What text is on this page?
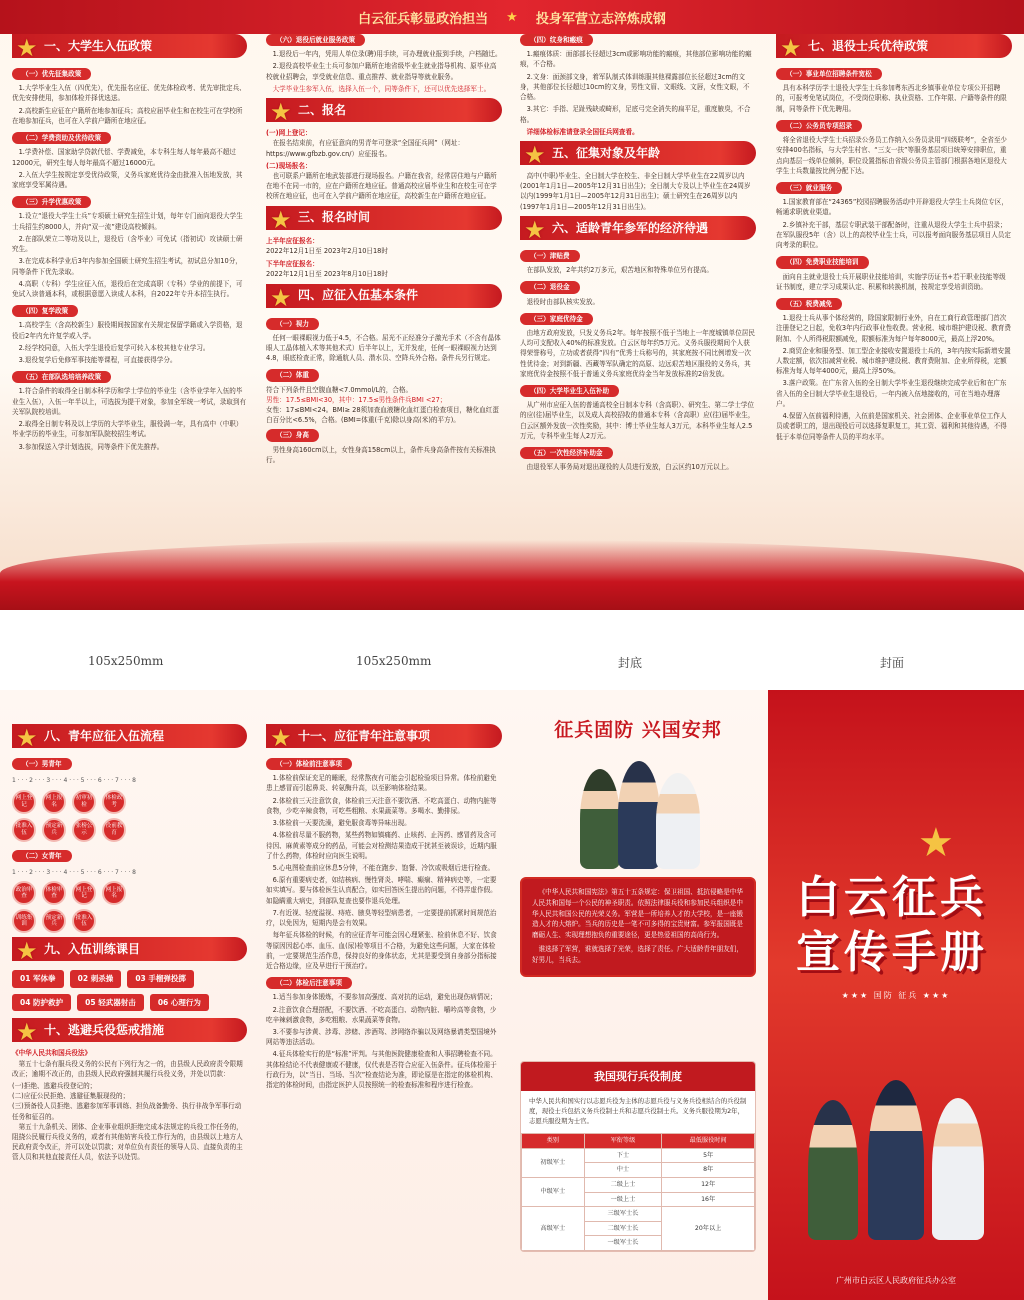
白云征兵彰显政治担当 ★ 投身军营立志淬炼成钢
★ 一、大学生入伍政策
（一）优先征集政策
1.大学毕业生入伍（四优先），优先报名应征、优先体检政考、优先审批定兵、优先安排使用，参加体检并择优选送。
2.高校新生应征在户籍所在地参加征兵；高校应届毕业生和在校生可在学校所在地参加征兵，也可在入学前户籍所在地应征。
（二）学费资助及优待政策
1.学费补偿、国家助学贷款代偿、学费减免，本专科生每人每年最高不超过12000元，研究生每人每年最高不超过16000元。
2.入伍大学生按规定享受优待政策，义务兵家庭优待金由批准入伍地发放，其家庭享受军属待遇。
（三）升学优惠政策
1.设立“退役大学生士兵”专项硕士研究生招生计划，每年专门面向退役大学生士兵招生约8000人，并向“双一流”建设高校倾斜。
2.在部队荣立二等功及以上，退役后（含毕业）可免试（指初试）攻读硕士研究生。
3.在完成本科学业后3年内参加全国硕士研究生招生考试，初试总分加10分，同等条件下优先录取。
4.高职（专科）学生应征入伍，退役后在完成高职（专科）学业的前提下，可免试入读普通本科，或根据意愿入读成人本科，自2022年专升本招生执行。
（四）复学政策
1.高校学生（含高校新生）服役期间按国家有关规定保留学籍或入学资格，退役后2年内允许复学或入学。
2.经学校同意，入伍大学生退役后复学可转入本校其他专业学习。
3.退役复学后免修军事技能等课程，可直接获得学分。
（五）在部队选培培养政策
1.符合条件的取得全日制本科学历和学士学位的毕业生（含毕业学年入伍的毕业生入伍），入伍一年半以上，可选拔为提干对象，参加全军统一考试，录取到有关军队院校培训。
2.取得全日制专科及以上学历的大学毕业生，服役满一年，具有高中（中职）毕业学历的毕业生，可参加军队院校招生考试。
3.参加保送入学计划选拔，同等条件下优先推荐。
（六）退役后就业服务政策
1.退役后一年内，凭用人单位录(聘)用手续，可办理就业报到手续，户档随迁。
2.退役高校毕业生士兵可参加户籍所在地省级毕业生就业指导机构、原毕业高校就业招聘会，享受就业信息、重点推荐、就业指导等就业服务。
大学毕业生参军入伍，选择入伍一个，同等条件下，还可以优先选择军士。
★ 二、报名
(一)网上登记：
在报名结束前，有应征意向的男青年可登录“全国征兵网”（网址：https://www.gfbzb.gov.cn/）应征报名。
(二)现场报名：
也可联系户籍所在地武装部进行现场报名。户籍在我省，经常居住地与户籍所在地不在同一市的，应在户籍所在地应征。普通高校应届毕业生和在校生可在学校所在地应征，也可在入学前户籍所在地应征，高校新生在户籍所在地应征。
★ 三、报名时间
上半年应征报名：
2022年12月1日至 2023年2月10日18时
下半年应征报名：
2022年12月1日至 2023年8月10日18时
★ 四、应征入伍基本条件
（一）视力
任何一眼裸眼视力低于4.5，不合格。屈光不正经准分子激光手术（不含有晶体眼人工晶体植入术等其他术式）后半年以上，无并发症，任何一眼裸眼视力达到4.8，眼底检查正常，除通航人员、潜水员、空降兵外合格。条件兵另行规定。
（二）体重
符合下列条件且空腹血糖<7.0mmol/L的，合格。
男性：17.5≤BMI<30，其中：17.5≤男性条件兵BMI <27；
女性：17≤BMI<24。BMI≥ 28须加查血液糖化血红蛋白检查项目，糖化血红蛋白百分比<6.5%，合格。(BMI=体重(千克)除以身高(米)的平方)。
（三）身高
男性身高160cm以上，女性身高158cm以上，条件兵身高条件按有关标准执行。
（四）纹身和瘢痕
1.瘢痕体质：面部部长径超过3cm或影响功能的瘢痕，其他部位影响功能的瘢痕，不合格。
2.文身：面颈部文身，着军队制式体训练服其他裸露部位长径超过3cm的文身，其他部位长径超过10cm的文身，男性文眉、文眼线、文唇，女性文眼，不合格。
3.其它：手指、足趾残缺或畸形，足底弓完全消失的扁平足，重度腋臭，不合格。
详细体检标准请登录全国征兵网查看。
★ 五、征集对象及年龄
高中(中职)毕业生、全日制大学在校生、非全日制大学毕业生在22周岁以内(2001年1月1日—2005年12月31日出生)；全日制大专及以上毕业生在24周岁以内(1999年1月1日—2005年12月31日出生)；硕士研究生在26周岁以内(1997年1月1日—2005年12月31日出生)。
★ 六、适龄青年参军的经济待遇
（一）津贴费
在部队发放，2年共约2万多元，艰苦地区和特殊单位另有提高。
（二）退役金
退役时由部队核实发放。
（三）家庭优待金
由地方政府发放，只发义务兵2年。每年按照不低于当地上一年度城镇单位居民人均可支配收入40%的标准发放。白云区每年约5万元。义务兵服役期间个人获得荣誉称号，立功或者获得“四有”优秀士兵称号的，其家庭按不同比例增发一次性优待金；对到新疆、西藏等军队确定的高原、边远艰苦地区服役的义务兵，其家庭优待金按照不低于普通义务兵家庭优待金当年发放标准的2倍发放。
（四）大学毕业生入伍补助
从广州市应征入伍的普通高校全日制本专科（含高职）、研究生、第二学士学位的应(往)届毕业生，以及成人高校招收的普通本专科（含高职）应(往)届毕业生，白云区额外发放一次性奖励，其中：博士毕业生每人3万元，本科毕业生每人2.5万元，专科毕业生每人2万元。
（五）一次性经济补助金
由退役军人事务局对退出现役的人员进行发放，白云区约10万元以上。
★ 七、退役士兵优待政策
（一）事业单位招聘条件宽松
具有本科学历学士退役大学生士兵参加粤东西北乡镇事业单位专项公开招聘的，可报考免笔试岗位，不受岗位职称、执业资格、工作年限、户籍等条件的限制，同等条件下优先聘用。
（二）公务员专项招录
将全省退役大学生士兵招录公务员工作纳入公务员录用“四级联考”，全省至少安排400名指标，与大学生村官、“三支一扶”等服务基层项目统筹安排职位，重点向基层一线单位倾斜，职位设置指标由省级公务员主管部门根据各地区退役大学生士兵数量按比例分配下达。
（三）就业服务
1.国家教育部在“24365”校园招聘服务活动中开辟退役大学生士兵岗位专区，畅通求职就业渠道。
2.乡镇补充干部，基层专职武装干部配备时，注重从退役大学生士兵中招录；在军队服役5年（含）以上的高校毕业生士兵，可以报考面向服务基层项目人员定向考录的职位。
（四）免费职业技能培训
面向自主就业退役士兵开展职业技能培训，实施学历证书+若干职业技能等级证书制度，建立学习成果认定、积累和转换机制，按规定享受培训资助。
（五）税费减免
1.退役士兵从事个体经营的，除国家限制行业外，自在工商行政管理部门首次注册登记之日起，免收3年内行政事业性收费。营业税、城市维护建设税、教育费附加、个人所得税限额减免，限额标准为每户每年8000元，最高上浮20%。
2.商贸企业和服务型、加工型企业接收安置退役士兵的，3年内按实际新增安置人数定额，依次扣减营业税、城市维护建设税、教育费附加、企业所得税，定额标准为每人每年4000元，最高上浮50%。
3.落户政策。在广东省入伍的全日制大学毕业生退役继续完成学业后和在广东省入伍的全日制大学毕业生退役后，一年内被入伍地接收的，可在当地办理落户。
4.保留入伍前福利待遇，入伍前是国家机关、社会团体、企业事业单位工作人员或者职工的，退出现役后可以选择复职复工，其工资、福利和其他待遇，不得低于本单位同等条件人员的平均水平。
105x250mm	105x250mm	封底	封面
★ 八、青年应征入伍流程
（一）男青年
1 · · · 2 · · · 3 · · · 4 · · · 5 · · · 6 · · · 7 · · · 8
网上登记
网上报名
初审初检
体检政考
批准入伍
预定新兵
张榜公示
役前教育
（二）女青年
1 · · · 2 · · · 3 · · · 4 · · · 5 · · · 6 · · · 7 · · · 8
政治审查
体检审查
网上登记
网上报名
训练集训
预定新兵
批准入伍
★ 九、入伍训练课目
01 军体拳	02 刺杀操	03 手榴弹投掷 04 防护救护	05 轻武器射击	06 心理行为
★ 十、逃避兵役惩戒措施
《中华人民共和国兵役法》
第五十七条有服兵役义务的公民有下列行为之一的，由县级人民政府责令限期改正；逾期不改正的，由县级人民政府强制其履行兵役义务，并处以罚款：
(一)拒绝、逃避兵役登记的；
(二)应征公民拒绝、逃避征集服现役的；
(三)预备役人员拒绝、逃避参加军事训练、担负战备勤务、执行非战争军事行动任务和征召的。
第五十九条机关、团体、企业事业组织拒绝完成本法规定的兵役工作任务的，阻挠公民履行兵役义务的，或者有其他妨害兵役工作行为的，由县级以上地方人民政府责令改正，并可以处以罚款；对单位负有责任的领导人员、直接负责的主管人员和其他直接责任人员，依法予以处罚。
★ 十一、应征青年注意事项
（一）体检前注意事项
1.体检前保证充足的睡眠，经常熬夜有可能会引起检验项目异常。体检前避免患上感冒而引起鼻炎、转氨酶升高，以至影响体检结果。
2.体检前三天注意饮食，体检前三天注意不要饮酒、不吃高蛋白、动物内脏等食物，少吃辛辣食物，可吃些粗粮、水果蔬菜等。多喝水、勤排尿。
3.体检前一天要洗澡，避免服食毒等异味出现。
4.体检前尽量不服药物，某些药物如镇痛药、止咳药、止泻药、感冒药及含可待因、麻黄素等成分的药品，可能会对检测结果造成干扰甚至被误诊，近期内服了什么药物，体检时应向医生说明。
5.心电图检查前应休息5分钟，不能在跑步、饱餐、冷饮或吸烟后进行检查。
6.原有重要病史者，如结核病、慢性肾炎、哮喘、癫痫、精神病史等，一定要如实填写。要与体检医生认真配合，如实回答医生提出的问题，不得弄虚作假。如隐瞒重大病史，到部队复查也要作退兵处理。
7.有近视、轻度溢视、痔疮、腋臭等轻型病患者，一定要提前抓紧时间规范治疗，以免因为，短期内是会有效果。
每年征兵体检的时候，有的应征青年可能会因心理紧张、检前休息不好、饮食等原因因起心率、血压、血(尿)检等项目不合格，为避免这些问题，大家在体检前，一定要规范生活作息，保持良好的身体状态，尤其是要受到自身部分指标接近合格边缘，应及早进行干预治疗。
（二）体检后注意事项
1.适当参加身体锻炼，不要参加高强度、高对抗的运动，避免出现伤病情况；
2.注意饮食合理搭配，不要饮酒、不吃高蛋白、动物内脏、嚼吟高等食物，少吃辛辣刺激食物，多吃粗粮、水果蔬菜等食物。
3.不要参与涉黄、涉毒、涉赌、涉酒驾、涉网络诈骗以及网络暴请类型国境外网站等违法活动。
4.征兵体检实行的是“标准”评判。与其他医院健康检查和人事招聘检查不同。其体检结论不代表健康或不健康，仅代表是否符合应征入伍条件。征兵体检需于行政行为，以“当日、当场、当次”检查结论为准，即论原是在指定的体检机构、指定的体检时间，由指定医护人员按照统一的检查标准和程序进行检查。
征兵固防 兴国安邦
《中华人民共和国宪法》第五十五条规定：保卫祖国、抵抗侵略是中华人民共和国每一个公民的神圣职责。依照法律服兵役和参加民兵组织是中华人民共和国公民的光荣义务。军营是一所培养人才的大学校，是一座锻造人才的大熔炉。当兵的历史是一笔不可多得的宝贵财富。参军报国既是磨砺人生、实现理想抱负的重要途径，更是热爱祖国的高尚行为。
谁选择了军营，谁就选择了光荣，选择了责任。广大适龄青年朋友们，好男儿，当兵去。
我国现行兵役制度
中华人民共和国实行以志愿兵役为主体的志愿兵役与义务兵役相结合的兵役制度，现役士兵包括义务兵役制士兵和志愿兵役制士兵。义务兵服役期为2年，志愿兵服役期为士官。
类别	军衔等级	最低服役时间
初级军士	下士	5年
	中士	8年
中级军士	二级上士	12年
	一级上士	16年
高级军士	三级军士长	20年以上
	二级军士长	
	一级军士长	
★
白云征兵
宣传手册
★★★ 国防 征兵 ★★★
广州市白云区人民政府征兵办公室
